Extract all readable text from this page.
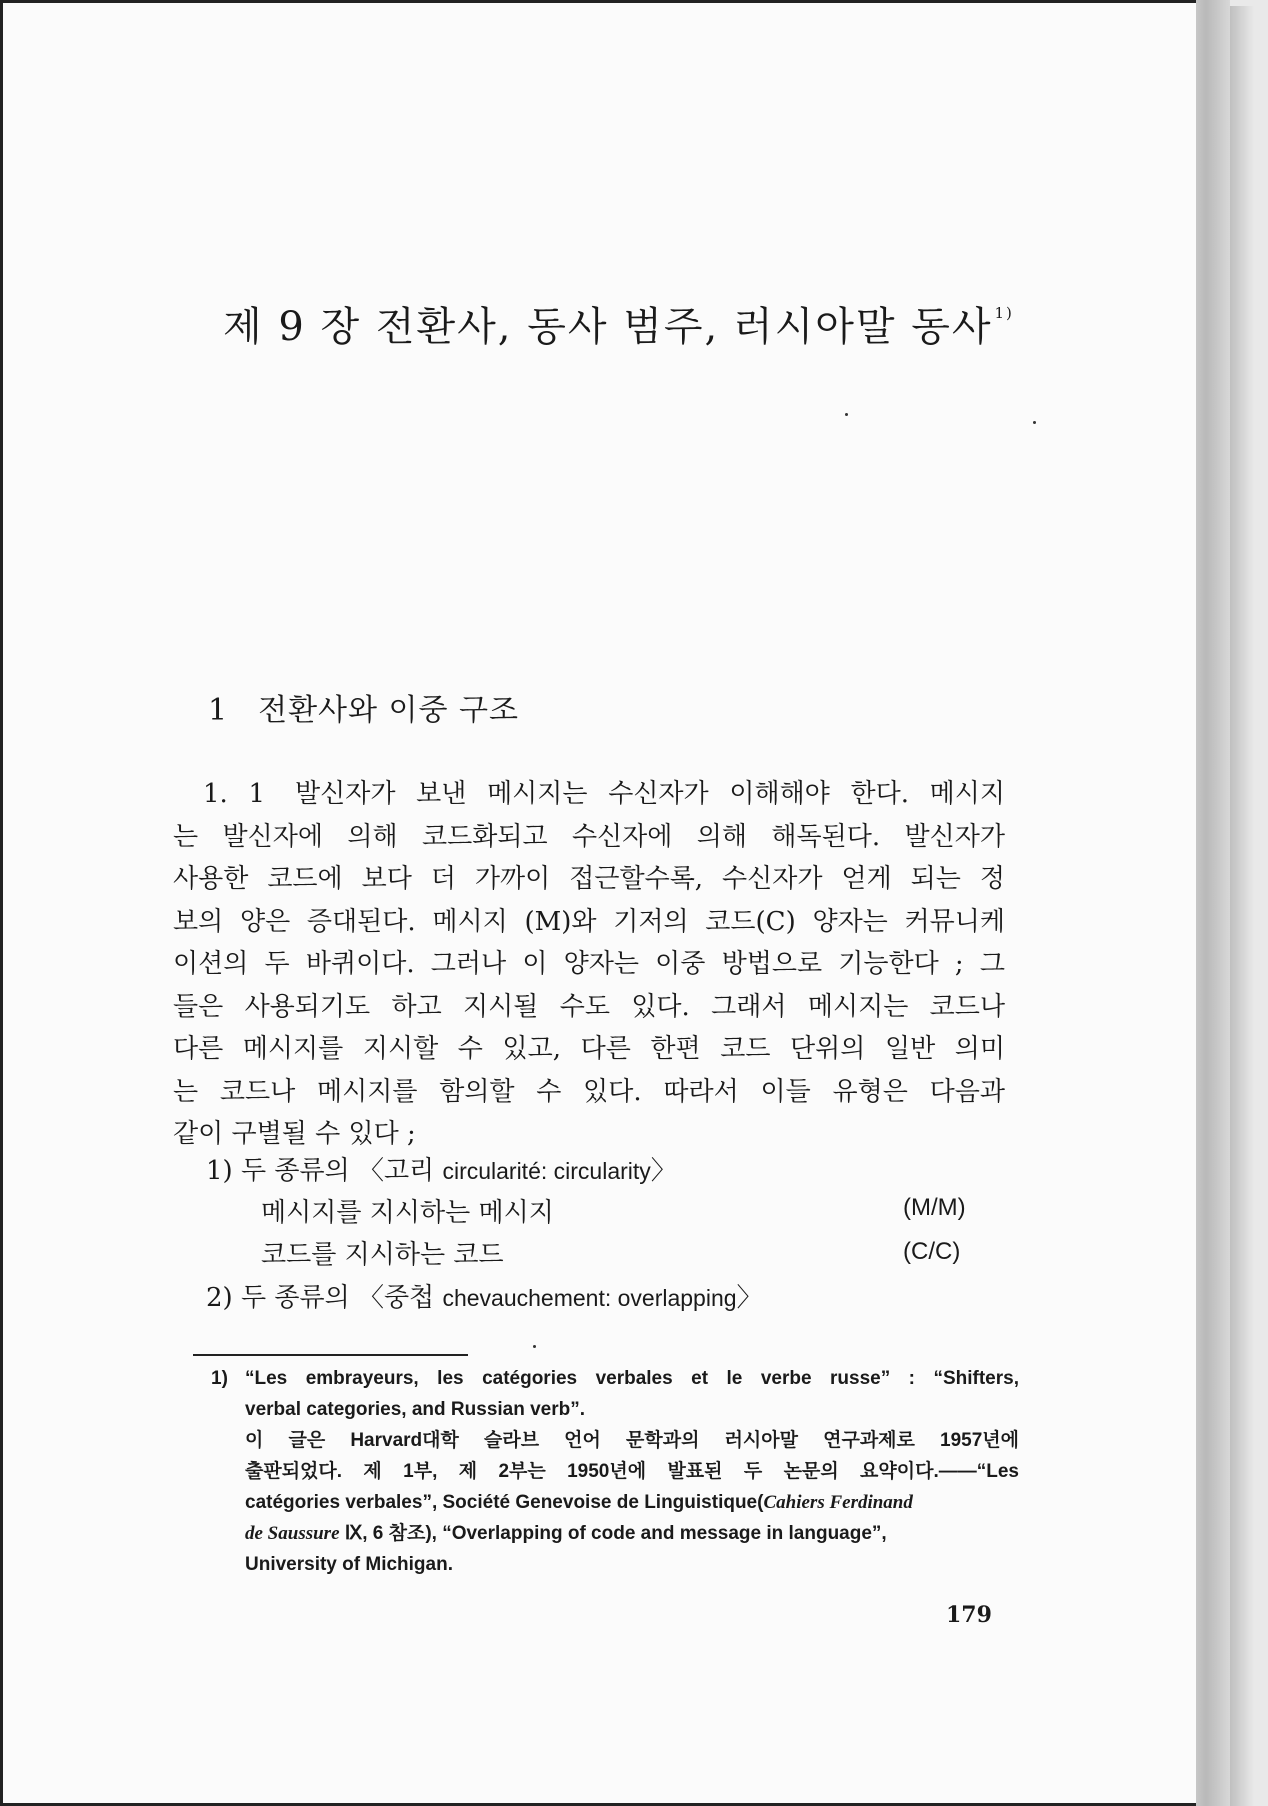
제 9 장 전환사, 동사 범주, 러시아말 동사 $^{1)}$
1 전환사와 이중 구조
1. 1 발신자가 보낸 메시지는 수신자가 이해해야 한다. 메시지
는 발신자에 의해 코드화되고 수신자에 의해 해독된다. 발신자가
사용한 코드에 보다 더 가까이 접근할수록, 수신자가 얻게 되는 정
보의 양은 증대된다. 메시지 (M)와 기저의 코드(C) 양자는 커뮤니케
이션의 두 바퀴이다. 그러나 이 양자는 이중 방법으로 기능한다 ; 그
들은 사용되기도 하고 지시될 수도 있다. 그래서 메시지는 코드나
다른 메시지를 지시할 수 있고, 다른 한편 코드 단위의 일반 의미
는 코드나 메시지를 함의할 수 있다. 따라서 이들 유형은 다음과
같이 구별될 수 있다 ;
1) 두 종류의 〈고리 circularité: circularity〉
메시지를 지시하는 메시지	(M/M)
코드를 지시하는 코드	(C/C)
2) 두 종류의 〈중첩 chevauchement: overlapping〉
1) “Les embrayeurs, les catégories verbales et le verbe russe” : “Shifters,
verbal categories, and Russian verb”.
이 글은 Harvard대학 슬라브 언어 문학과의 러시아말 연구과제로 1957년에
출판되었다. 제 1부, 제 2부는 1950년에 발표된 두 논문의 요약이다.——“Les
catégories verbales”, Société Genevoise de Linguistique(Cahiers Ferdinand
de Saussure Ⅸ, 6 참조), “Overlapping of code and message in language”,
University of Michigan.
179
